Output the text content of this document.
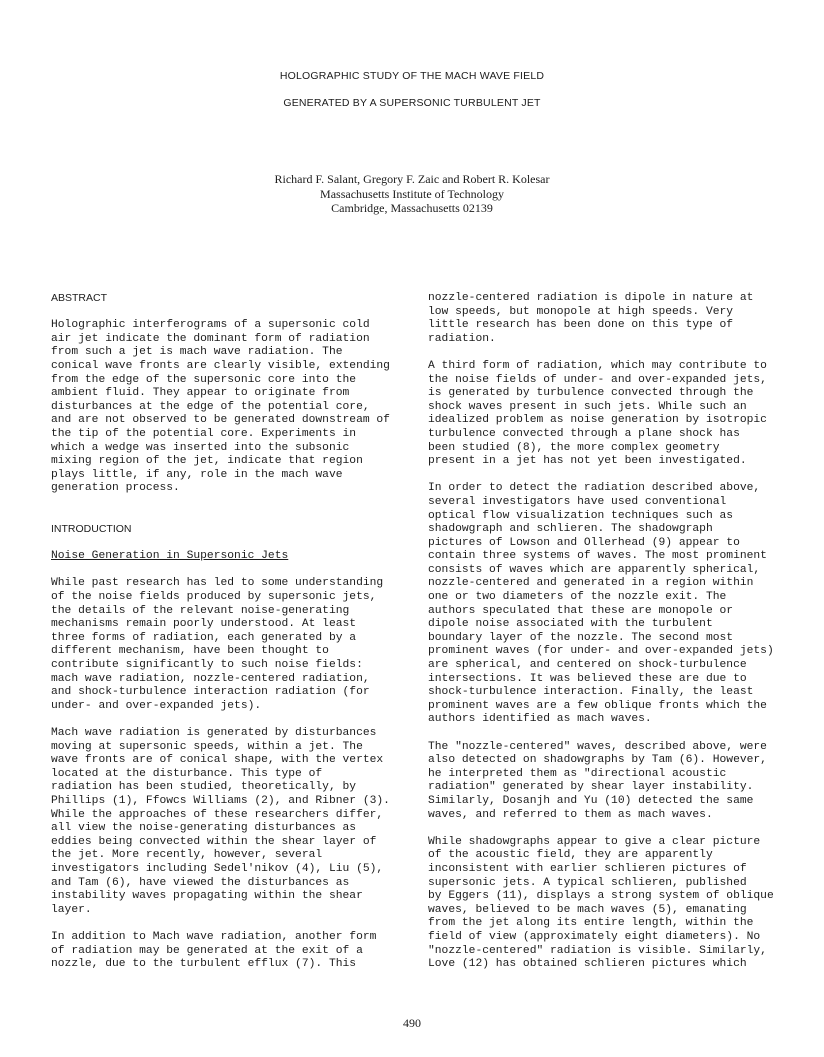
HOLOGRAPHIC STUDY OF THE MACH WAVE FIELD
GENERATED BY A SUPERSONIC TURBULENT JET
Richard F. Salant, Gregory F. Zaic and Robert R. Kolesar
Massachusetts Institute of Technology
Cambridge, Massachusetts 02139
ABSTRACT

Holographic interferograms of a supersonic cold
air jet indicate the dominant form of radiation
from such a jet is mach wave radiation. The
conical wave fronts are clearly visible, extending
from the edge of the supersonic core into the
ambient fluid. They appear to originate from
disturbances at the edge of the potential core,
and are not observed to be generated downstream of
the tip of the potential core. Experiments in
which a wedge was inserted into the subsonic
mixing region of the jet, indicate that region
plays little, if any, role in the mach wave
generation process.

INTRODUCTION
Noise Generation in Supersonic Jets

While past research has led to some understanding
of the noise fields produced by supersonic jets,
the details of the relevant noise-generating
mechanisms remain poorly understood. At least
three forms of radiation, each generated by a
different mechanism, have been thought to
contribute significantly to such noise fields:
mach wave radiation, nozzle-centered radiation,
and shock-turbulence interaction radiation (for
under- and over-expanded jets).

Mach wave radiation is generated by disturbances
moving at supersonic speeds, within a jet. The
wave fronts are of conical shape, with the vertex
located at the disturbance. This type of
radiation has been studied, theoretically, by
Phillips (1), Ffowcs Williams (2), and Ribner (3).
While the approaches of these researchers differ,
all view the noise-generating disturbances as
eddies being convected within the shear layer of
the jet. More recently, however, several
investigators including Sedel'nikov (4), Liu (5),
and Tam (6), have viewed the disturbances as
instability waves propagating within the shear
layer.

In addition to Mach wave radiation, another form
of radiation may be generated at the exit of a
nozzle, due to the turbulent efflux (7). This

nozzle-centered radiation is dipole in nature at
low speeds, but monopole at high speeds. Very
little research has been done on this type of
radiation.

A third form of radiation, which may contribute to
the noise fields of under- and over-expanded jets,
is generated by turbulence convected through the
shock waves present in such jets. While such an
idealized problem as noise generation by isotropic
turbulence convected through a plane shock has
been studied (8), the more complex geometry
present in a jet has not yet been investigated.

In order to detect the radiation described above,
several investigators have used conventional
optical flow visualization techniques such as
shadowgraph and schlieren. The shadowgraph
pictures of Lowson and Ollerhead (9) appear to
contain three systems of waves. The most prominent
consists of waves which are apparently spherical,
nozzle-centered and generated in a region within
one or two diameters of the nozzle exit. The
authors speculated that these are monopole or
dipole noise associated with the turbulent
boundary layer of the nozzle. The second most
prominent waves (for under- and over-expanded jets)
are spherical, and centered on shock-turbulence
intersections. It was believed these are due to
shock-turbulence interaction. Finally, the least
prominent waves are a few oblique fronts which the
authors identified as mach waves.

The "nozzle-centered" waves, described above, were
also detected on shadowgraphs by Tam (6). However,
he interpreted them as "directional acoustic
radiation" generated by shear layer instability.
Similarly, Dosanjh and Yu (10) detected the same
waves, and referred to them as mach waves.

While shadowgraphs appear to give a clear picture
of the acoustic field, they are apparently
inconsistent with earlier schlieren pictures of
supersonic jets. A typical schlieren, published
by Eggers (11), displays a strong system of oblique
waves, believed to be mach waves (5), emanating
from the jet along its entire length, within the
field of view (approximately eight diameters). No
"nozzle-centered" radiation is visible. Similarly,
Love (12) has obtained schlieren pictures which

490
